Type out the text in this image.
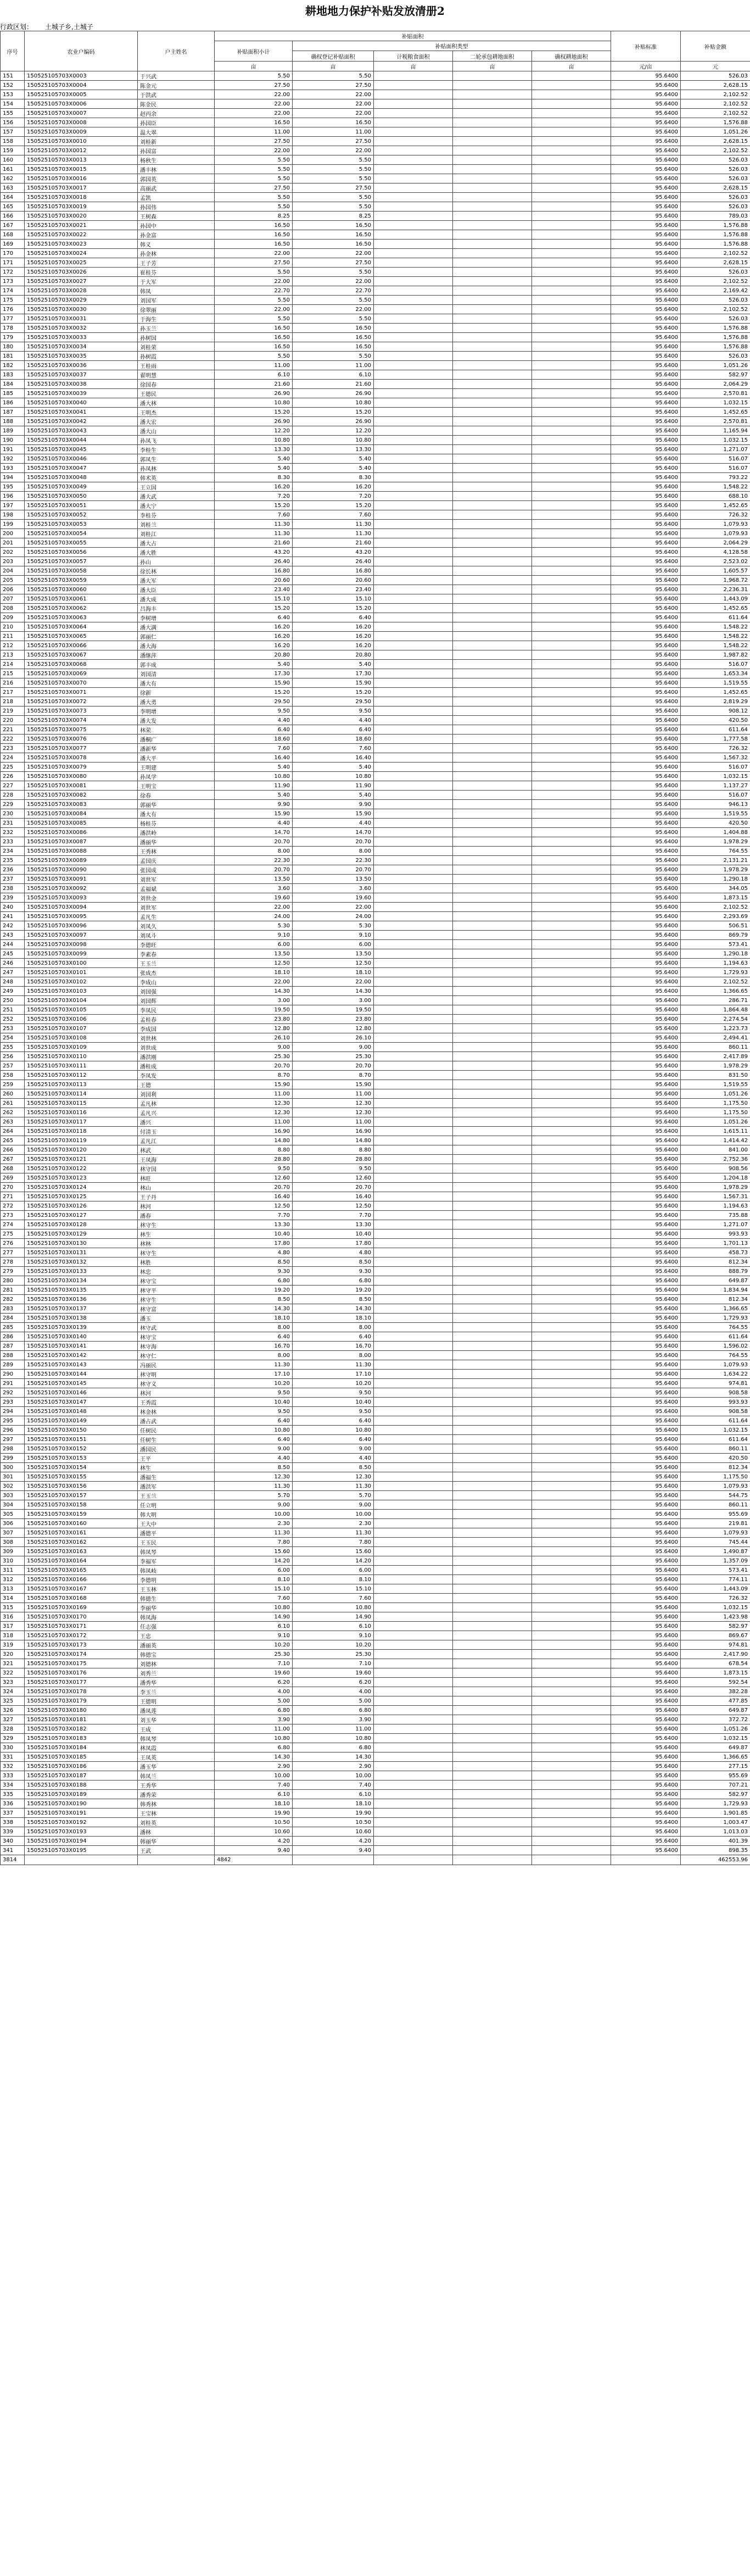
耕地地力保护补贴发放清册2
行政区划： 土城子乡,土城子
序号	农业户编码	户主姓名	补贴面积					补贴标准	补贴金额
			补贴面积小计	补贴面积类型					
				确权登记补贴面积	计税粮食面积	二轮承包耕地面积	确权耕地面积		
			亩	亩	亩	亩	亩	元/亩	元
151	150525105703X0003	于兴武	5.50	5.50				95.6400	526.03
152	150525105703X0004	陈金元	27.50	27.50				95.6400	2,628.15
153	150525105703X0005	于洪武	22.00	22.00				95.6400	2,102.52
154	150525105703X0006	陈金民	22.00	22.00				95.6400	2,102.52
155	150525105703X0007	赵丙余	22.00	22.00				95.6400	2,102.52
156	150525105703X0008	孙国臣	16.50	16.50				95.6400	1,576.88
157	150525105703X0009	温大翠	11.00	11.00				95.6400	1,051.26
158	150525105703X0010	刘桂新	27.50	27.50				95.6400	2,628.15
159	150525105703X0012	孙国富	22.00	22.00				95.6400	2,102.52
160	150525105703X0013	杨秋生	5.50	5.50				95.6400	526.03
161	150525105703X0015	潘丰林	5.50	5.50				95.6400	526.03
162	150525105703X0016	郭国英	5.50	5.50				95.6400	526.03
163	150525105703X0017	高丽武	27.50	27.50				95.6400	2,628.15
164	150525105703X0018	孟凯	5.50	5.50				95.6400	526.03
165	150525105703X0019	孙国伟	5.50	5.50				95.6400	526.03
166	150525105703X0020	王树森	8.25	8.25				95.6400	789.03
167	150525105703X0021	孙国中	16.50	16.50				95.6400	1,576.88
168	150525105703X0022	孙金富	16.50	16.50				95.6400	1,576.88
169	150525105703X0023	韩义	16.50	16.50				95.6400	1,576.88
170	150525105703X0024	孙金林	22.00	22.00				95.6400	2,102.52
171	150525105703X0025	王子芳	27.50	27.50				95.6400	2,628.15
172	150525105703X0026	崔桂芬	5.50	5.50				95.6400	526.03
173	150525105703X0027	于大军	22.00	22.00				95.6400	2,102.52
174	150525105703X0028	韩凤	22.70	22.70				95.6400	2,169.42
175	150525105703X0029	刘国军	5.50	5.50				95.6400	526.03
176	150525105703X0030	徐翠丽	22.00	22.00				95.6400	2,102.52
177	150525105703X0031	于海生	5.50	5.50				95.6400	526.03
178	150525105703X0032	孙玉兰	16.50	16.50				95.6400	1,576.88
179	150525105703X0033	孙树国	16.50	16.50				95.6400	1,576.88
180	150525105703X0034	刘桂荣	16.50	16.50				95.6400	1,576.88
181	150525105703X0035	孙树霞	5.50	5.50				95.6400	526.03
182	150525105703X0036	王桂雨	11.00	11.00				95.6400	1,051.26
183	150525105703X0037	翟明慧	6.10	6.10				95.6400	582.97
184	150525105703X0038	徐国春	21.60	21.60				95.6400	2,064.29
185	150525105703X0039	王德民	26.90	26.90				95.6400	2,570.81
186	150525105703X0040	潘大林	10.80	10.80				95.6400	1,032.15
187	150525105703X0041	王明杰	15.20	15.20				95.6400	1,452.65
188	150525105703X0042	潘大宏	26.90	26.90				95.6400	2,570.81
189	150525105703X0043	潘大山	12.20	12.20				95.6400	1,165.94
190	150525105703X0044	孙凤飞	10.80	10.80				95.6400	1,032.15
191	150525105703X0045	李桂生	13.30	13.30				95.6400	1,271.07
192	150525105703X0046	郭凤生	5.40	5.40				95.6400	516.07
193	150525105703X0047	孙凤林	5.40	5.40				95.6400	516.07
194	150525105703X0048	韩术英	8.30	8.30				95.6400	793.22
195	150525105703X0049	王立国	16.20	16.20				95.6400	1,548.22
196	150525105703X0050	潘大武	7.20	7.20				95.6400	688.10
197	150525105703X0051	潘大宁	15.20	15.20				95.6400	1,452.65
198	150525105703X0052	李桂芬	7.60	7.60				95.6400	726.32
199	150525105703X0053	刘桂兰	11.30	11.30				95.6400	1,079.93
200	150525105703X0054	刘桂江	11.30	11.30				95.6400	1,079.93
201	150525105703X0055	潘大占	21.60	21.60				95.6400	2,064.29
202	150525105703X0056	潘大胜	43.20	43.20				95.6400	4,128.58
203	150525105703X0057	孙山	26.40	26.40				95.6400	2,523.02
204	150525105703X0058	徐长林	16.80	16.80				95.6400	1,605.57
205	150525105703X0059	潘大军	20.60	20.60				95.6400	1,968.72
206	150525105703X0060	潘大臣	23.40	23.40				95.6400	2,236.31
207	150525105703X0061	潘大成	15.10	15.10				95.6400	1,443.09
208	150525105703X0062	吕海丰	15.20	15.20				95.6400	1,452.65
209	150525105703X0063	李树增	6.40	6.40				95.6400	611.64
210	150525105703X0064	潘大满	16.20	16.20				95.6400	1,548.22
211	150525105703X0065	郭丽仁	16.20	16.20				95.6400	1,548.22
212	150525105703X0066	潘大海	16.20	16.20				95.6400	1,548.22
213	150525105703X0067	潘继萍	20.80	20.80				95.6400	1,987.82
214	150525105703X0068	郭丰成	5.40	5.40				95.6400	516.07
215	150525105703X0069	刘国清	17.30	17.30				95.6400	1,653.34
216	150525105703X0070	潘大有	15.90	15.90				95.6400	1,519.55
217	150525105703X0071	徐新	15.20	15.20				95.6400	1,452.65
218	150525105703X0072	潘大勇	29.50	29.50				95.6400	2,819.29
219	150525105703X0073	李明增	9.50	9.50				95.6400	908.12
220	150525105703X0074	潘大发	4.40	4.40				95.6400	420.50
221	150525105703X0075	林荣	6.40	6.40				95.6400	611.64
222	150525105703X0076	潘桐广	18.60	18.60				95.6400	1,777.58
223	150525105703X0077	潘新华	7.60	7.60				95.6400	726.32
224	150525105703X0078	潘大平	16.40	16.40				95.6400	1,567.32
225	150525105703X0079	王明建	5.40	5.40				95.6400	516.07
226	150525105703X0080	孙凤学	10.80	10.80				95.6400	1,032.15
227	150525105703X0081	王明宝	11.90	11.90				95.6400	1,137.27
228	150525105703X0082	徐春	5.40	5.40				95.6400	516.07
229	150525105703X0083	郭丽华	9.90	9.90				95.6400	946.13
230	150525105703X0084	潘大有	15.90	15.90				95.6400	1,519.55
231	150525105703X0085	杨桂芬	4.40	4.40				95.6400	420.50
232	150525105703X0086	潘洪岭	14.70	14.70				95.6400	1,404.88
233	150525105703X0087	潘丽华	20.70	20.70				95.6400	1,978.29
234	150525105703X0088	王秀林	8.00	8.00				95.6400	764.55
235	150525105703X0089	孟国庆	22.30	22.30				95.6400	2,131.21
236	150525105703X0090	张国成	20.70	20.70				95.6400	1,978.29
237	150525105703X0091	刘世军	13.50	13.50				95.6400	1,290.18
238	150525105703X0092	孟福斌	3.60	3.60				95.6400	344.05
239	150525105703X0093	刘世金	19.60	19.60				95.6400	1,873.15
240	150525105703X0094	刘世军	22.00	22.00				95.6400	2,102.52
241	150525105703X0095	孟凡生	24.00	24.00				95.6400	2,293.69
242	150525105703X0096	刘凤久	5.30	5.30				95.6400	506.51
243	150525105703X0097	刘凤斗	9.10	9.10				95.6400	869.79
244	150525105703X0098	李德旺	6.00	6.00				95.6400	573.41
245	150525105703X0099	李素春	13.50	13.50				95.6400	1,290.18
246	150525105703X0100	王玉兰	12.50	12.50				95.6400	1,194.63
247	150525105703X0101	张成杰	18.10	18.10				95.6400	1,729.93
248	150525105703X0102	李成山	22.00	22.00				95.6400	2,102.52
249	150525105703X0103	刘国强	14.30	14.30				95.6400	1,366.65
250	150525105703X0104	刘国辉	3.00	3.00				95.6400	286.71
251	150525105703X0105	李凤民	19.50	19.50				95.6400	1,864.48
252	150525105703X0106	孟桂春	23.80	23.80				95.6400	2,274.54
253	150525105703X0107	李成国	12.80	12.80				95.6400	1,223.73
254	150525105703X0108	刘世林	26.10	26.10				95.6400	2,494.41
255	150525105703X0109	刘世成	9.00	9.00				95.6400	860.11
256	150525105703X0110	潘洪刚	25.30	25.30				95.6400	2,417.89
257	150525105703X0111	潘桂成	20.70	20.70				95.6400	1,978.29
258	150525105703X0112	李凤发	8.70	8.70				95.6400	831.50
259	150525105703X0113	王德	15.90	15.90				95.6400	1,519.55
260	150525105703X0114	刘国利	11.00	11.00				95.6400	1,051.26
261	150525105703X0115	孟凡林	12.30	12.30				95.6400	1,175.50
262	150525105703X0116	孟凡兴	12.30	12.30				95.6400	1,175.50
263	150525105703X0117	潘兴	11.00	11.00				95.6400	1,051.26
264	150525105703X0118	付清玉	16.90	16.90				95.6400	1,615.11
265	150525105703X0119	孟凡江	14.80	14.80				95.6400	1,414.42
266	150525105703X0120	林武	8.80	8.80				95.6400	841.00
267	150525105703X0121	王凤海	28.80	28.80				95.6400	2,752.36
268	150525105703X0122	林守国	9.50	9.50				95.6400	908.56
269	150525105703X0123	林旺	12.60	12.60				95.6400	1,204.18
270	150525105703X0124	林山	20.70	20.70				95.6400	1,978.29
271	150525105703X0125	王子丹	16.40	16.40				95.6400	1,567.31
272	150525105703X0126	林河	12.50	12.50				95.6400	1,194.63
273	150525105703X0127	潘春	7.70	7.70				95.6400	735.88
274	150525105703X0128	林守生	13.30	13.30				95.6400	1,271.07
275	150525105703X0129	林生	10.40	10.40				95.6400	993.93
276	150525105703X0130	林林	17.80	17.80				95.6400	1,701.13
277	150525105703X0131	林守生	4.80	4.80				95.6400	458.73
278	150525105703X0132	林胜	8.50	8.50				95.6400	812.34
279	150525105703X0133	林忠	9.30	9.30				95.6400	888.79
280	150525105703X0134	林守宝	6.80	6.80				95.6400	649.87
281	150525105703X0135	林守平	19.20	19.20				95.6400	1,834.94
282	150525105703X0136	林守生	8.50	8.50				95.6400	812.34
283	150525105703X0137	林守富	14.30	14.30				95.6400	1,366.65
284	150525105703X0138	潘玉	18.10	18.10				95.6400	1,729.93
285	150525105703X0139	林守武	8.00	8.00				95.6400	764.55
286	150525105703X0140	林守宝	6.40	6.40				95.6400	611.64
287	150525105703X0141	林守海	16.70	16.70				95.6400	1,596.02
288	150525105703X0142	林守仁	8.00	8.00				95.6400	764.55
289	150525105703X0143	冯丽民	11.30	11.30				95.6400	1,079.93
290	150525105703X0144	林守明	17.10	17.10				95.6400	1,634.22
291	150525105703X0145	林守义	10.20	10.20				95.6400	974.81
292	150525105703X0146	林河	9.50	9.50				95.6400	908.58
293	150525105703X0147	王秀霞	10.40	10.40				95.6400	993.93
294	150525105703X0148	林金林	9.50	9.50				95.6400	908.58
295	150525105703X0149	潘占武	6.40	6.40				95.6400	611.64
296	150525105703X0150	任树民	10.80	10.80				95.6400	1,032.15
297	150525105703X0151	任树生	6.40	6.40				95.6400	611.64
298	150525105703X0152	潘国民	9.00	9.00				95.6400	860.11
299	150525105703X0153	王平	4.40	4.40				95.6400	420.50
300	150525105703X0154	林生	8.50	8.50				95.6400	812.34
301	150525105703X0155	潘福生	12.30	12.30				95.6400	1,175.50
302	150525105703X0156	潘洪军	11.30	11.30				95.6400	1,079.93
303	150525105703X0157	王玉兰	5.70	5.70				95.6400	544.75
304	150525105703X0158	任立明	9.00	9.00				95.6400	860.11
305	150525105703X0159	韩大明	10.00	10.00				95.6400	955.69
306	150525105703X0160	王大中	2.30	2.30				95.6400	219.81
307	150525105703X0161	潘德平	11.30	11.30				95.6400	1,079.93
308	150525105703X0162	王玉民	7.80	7.80				95.6400	745.44
309	150525105703X0163	韩凤琴	15.60	15.60				95.6400	1,490.87
310	150525105703X0164	李福军	14.20	14.20				95.6400	1,357.09
311	150525105703X0165	韩凤岐	6.00	6.00				95.6400	573.41
312	150525105703X0166	李德明	8.10	8.10				95.6400	774.11
313	150525105703X0167	王玉林	15.10	15.10				95.6400	1,443.09
314	150525105703X0168	韩德生	7.60	7.60				95.6400	726.32
315	150525105703X0169	李丽华	10.80	10.80				95.6400	1,032.15
316	150525105703X0170	韩凤海	14.90	14.90				95.6400	1,423.98
317	150525105703X0171	任志强	6.10	6.10				95.6400	582.97
318	150525105703X0172	王忠	9.10	9.10				95.6400	869.67
319	150525105703X0173	潘丽英	10.20	10.20				95.6400	974.81
320	150525105703X0174	韩德宝	25.30	25.30				95.6400	2,417.90
321	150525105703X0175	刘德林	7.10	7.10				95.6400	678.54
322	150525105703X0176	刘秀兰	19.60	19.60				95.6400	1,873.15
323	150525105703X0177	潘秀华	6.20	6.20				95.6400	592.54
324	150525105703X0178	李玉兰	4.00	4.00				95.6400	382.28
325	150525105703X0179	王德明	5.00	5.00				95.6400	477.85
326	150525105703X0180	潘凤莲	6.80	6.80				95.6400	649.87
327	150525105703X0181	刘玉华	3.90	3.90				95.6400	372.72
328	150525105703X0182	王成	11.00	11.00				95.6400	1,051.26
329	150525105703X0183	韩凤琴	10.80	10.80				95.6400	1,032.15
330	150525105703X0184	林凤霞	6.80	6.80				95.6400	649.87
331	150525105703X0185	王凤英	14.30	14.30				95.6400	1,366.65
332	150525105703X0186	潘玉华	2.90	2.90				95.6400	277.15
333	150525105703X0187	韩凤兰	10.00	10.00				95.6400	955.69
334	150525105703X0188	王秀华	7.40	7.40				95.6400	707.21
335	150525105703X0189	潘秀荣	6.10	6.10				95.6400	582.97
336	150525105703X0190	韩秀林	18.10	18.10				95.6400	1,729.93
337	150525105703X0191	王宝林	19.90	19.90				95.6400	1,901.85
338	150525105703X0192	刘桂英	10.50	10.50				95.6400	1,003.47
339	150525105703X0193	潘林	10.60	10.60				95.6400	1,013.03
340	150525105703X0194	韩丽华	4.20	4.20				95.6400	401.39
341	150525105703X0195	王武	9.40	9.40				95.6400	898.35
3814			4842						462553.96
